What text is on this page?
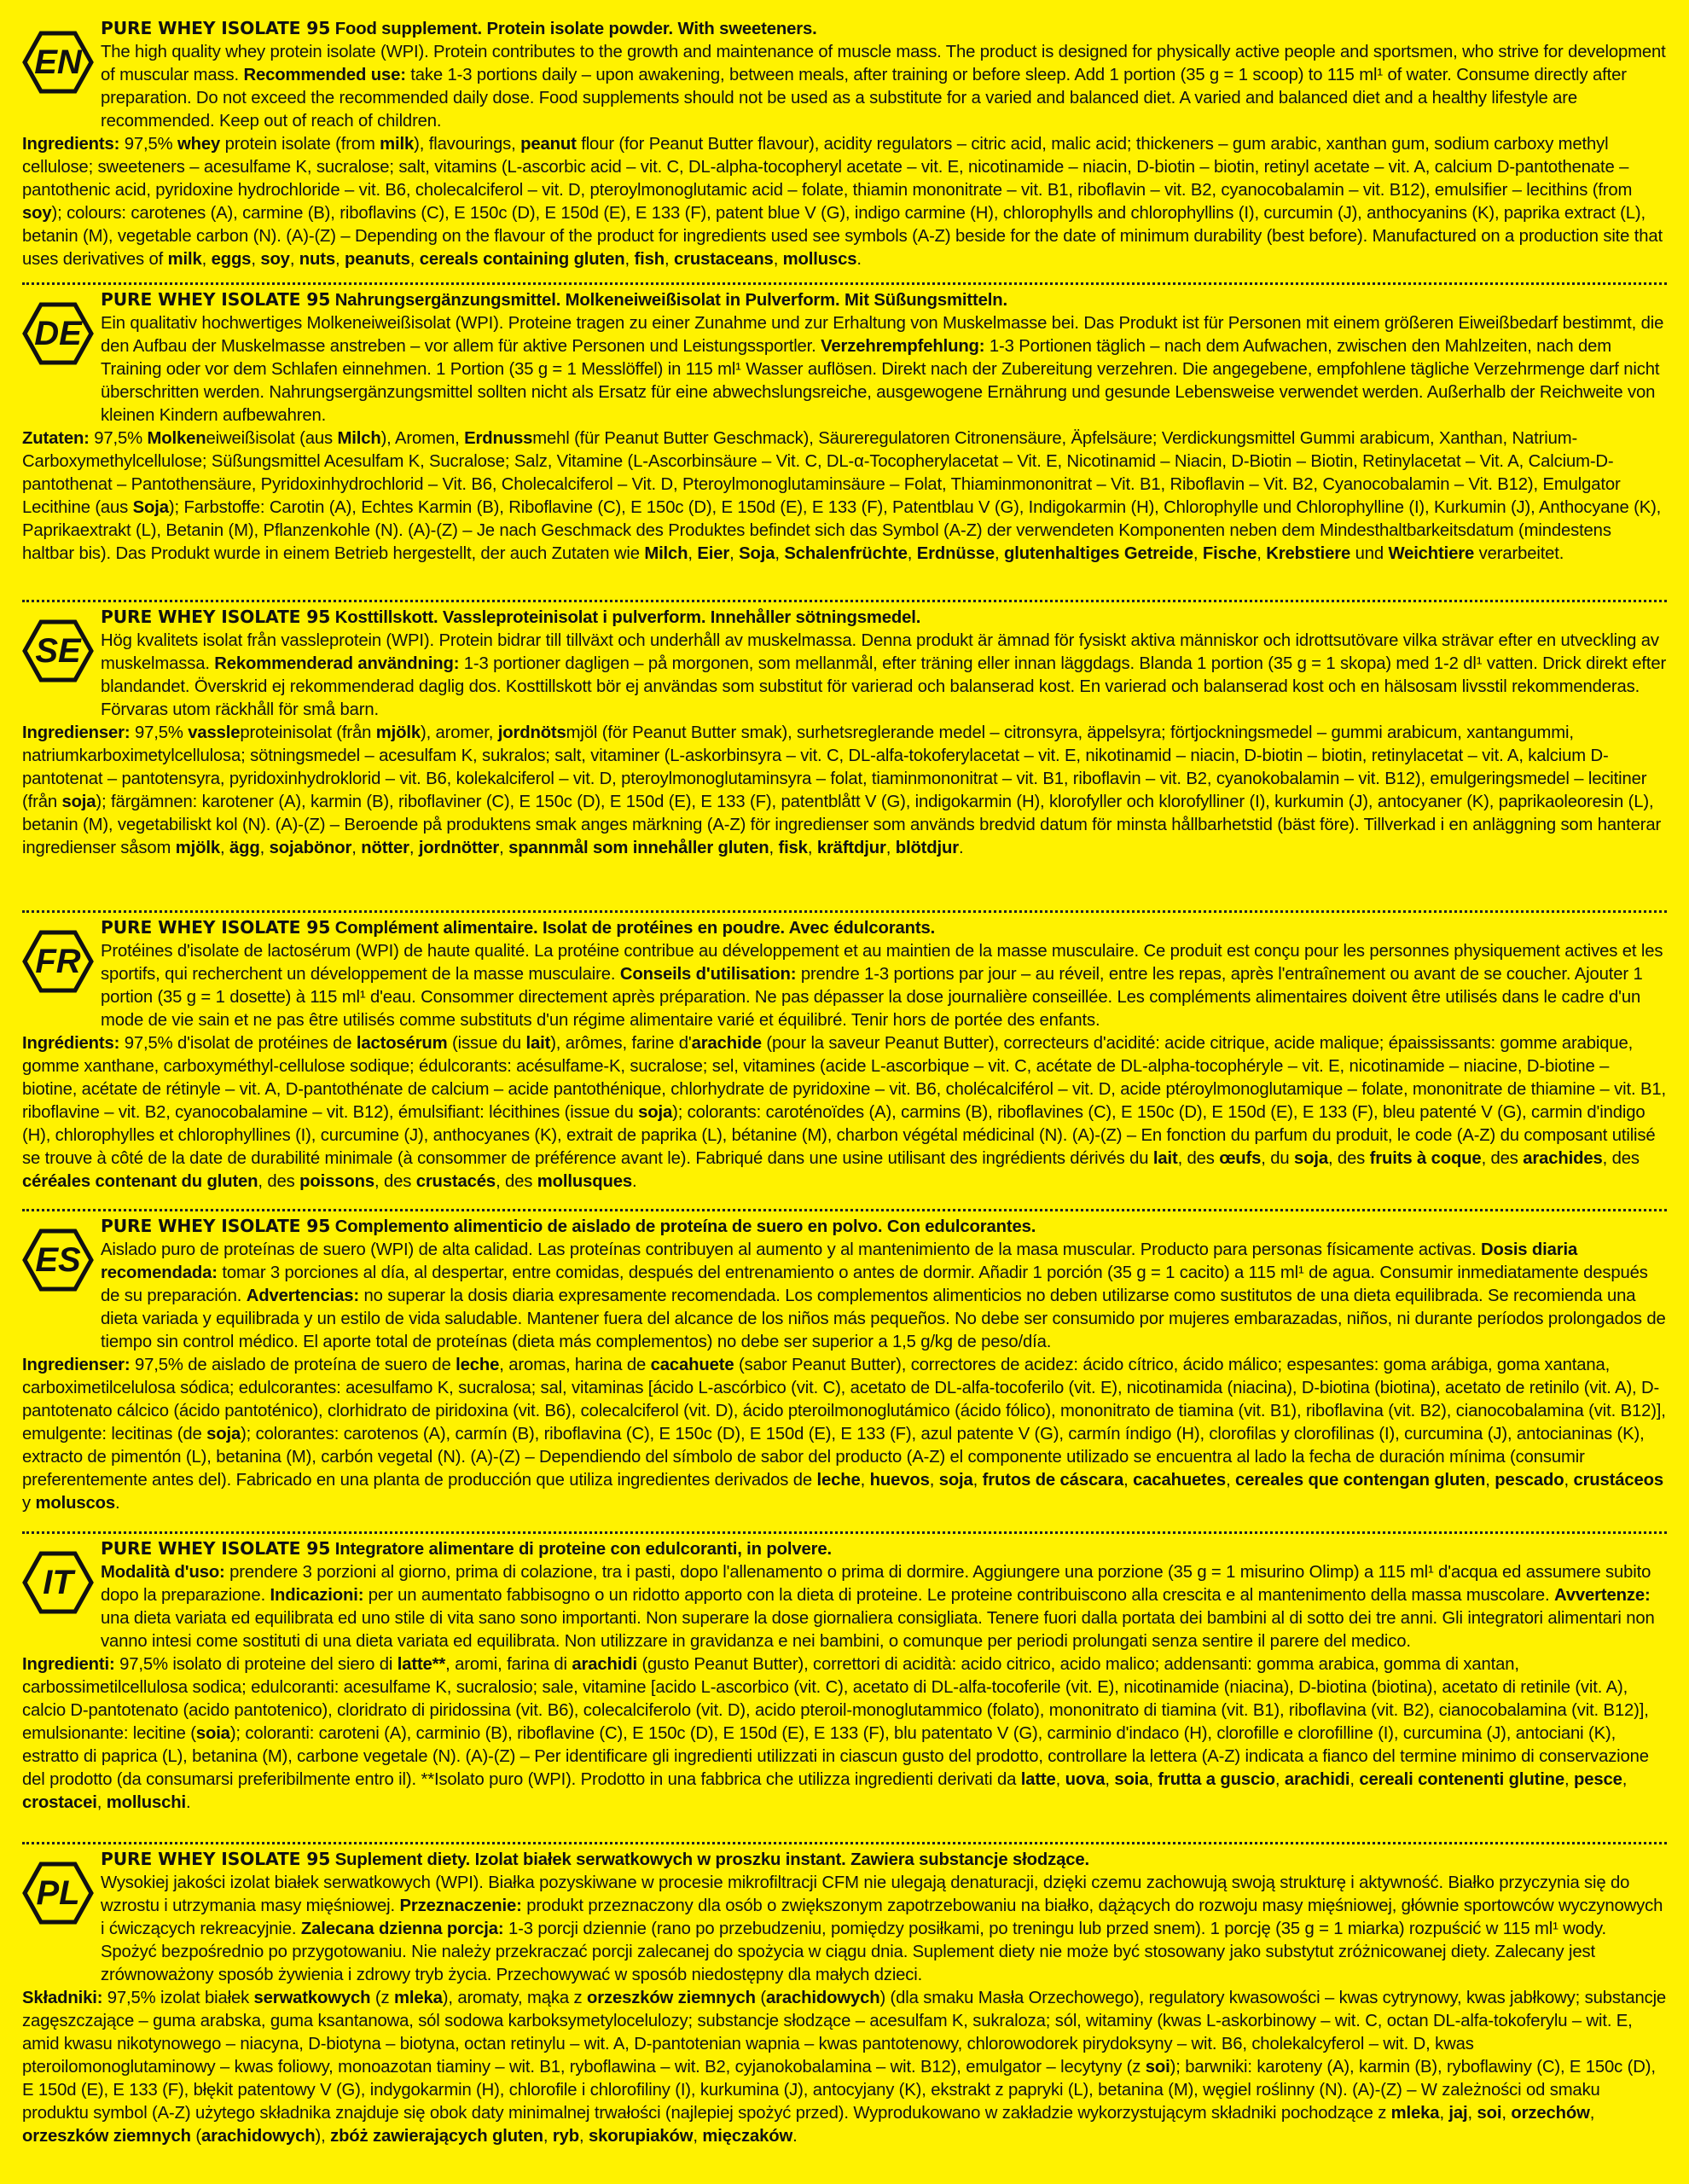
EN

PURE WHEY ISOLATE 95 Food supplement. Protein isolate powder. With sweeteners.

The high quality whey protein isolate (WPI). Protein contributes to the growth and maintenance of muscle mass. The product is designed for physically active people and sportsmen, who strive for development of muscular mass. Recommended use: take 1-3 portions daily – upon awakening, between meals, after training or before sleep. Add 1 portion (35 g = 1 scoop) to 115 ml¹ of water. Consume directly after preparation. Do not exceed the recommended daily dose. Food supplements should not be used as a substitute for a varied and balanced diet. A varied and balanced diet and a healthy lifestyle are recommended. Keep out of reach of children.

Ingredients: 97,5% whey protein isolate (from milk), flavourings, peanut flour (for Peanut Butter flavour), acidity regulators – citric acid, malic acid; thickeners – gum arabic, xanthan gum, sodium carboxy methyl cellulose; sweeteners – acesulfame K, sucralose; salt, vitamins (L-ascorbic acid – vit. C, DL-alpha-tocopheryl acetate – vit. E, nicotinamide – niacin, D-biotin – biotin, retinyl acetate – vit. A, calcium D-pantothenate – pantothenic acid, pyridoxine hydrochloride – vit. B6, cholecalciferol – vit. D, pteroylmonoglutamic acid – folate, thiamin mononitrate – vit. B1, riboflavin – vit. B2, cyanocobalamin – vit. B12), emulsifier – lecithins (from soy); colours: carotenes (A), carmine (B), riboflavins (C), E 150c (D), E 150d (E), E 133 (F), patent blue V (G), indigo carmine (H), chlorophylls and chlorophyllins (I), curcumin (J), anthocyanins (K), paprika extract (L), betanin (M), vegetable carbon (N). (A)-(Z) – Depending on the flavour of the product for ingredients used see symbols (A-Z) beside for the date of minimum durability (best before). Manufactured on a production site that uses derivatives of milk, eggs, soy, nuts, peanuts, cereals containing gluten, fish, crustaceans, molluscs.

DE

PURE WHEY ISOLATE 95 Nahrungsergänzungsmittel. Molkeneiweißisolat in Pulverform. Mit Süßungsmitteln.

Ein qualitativ hochwertiges Molkeneiweißisolat (WPI). Proteine tragen zu einer Zunahme und zur Erhaltung von Muskelmasse bei. Das Produkt ist für Personen mit einem größeren Eiweißbedarf bestimmt, die den Aufbau der Muskelmasse anstreben – vor allem für aktive Personen und Leistungssportler. Verzehrempfehlung: 1-3 Portionen täglich – nach dem Aufwachen, zwischen den Mahlzeiten, nach dem Training oder vor dem Schlafen einnehmen. 1 Portion (35 g = 1 Messlöffel) in 115 ml¹ Wasser auflösen. Direkt nach der Zubereitung verzehren. Die angegebene, empfohlene tägliche Verzehrmenge darf nicht überschritten werden. Nahrungsergänzungsmittel sollten nicht als Ersatz für eine abwechslungsreiche, ausgewogene Ernährung und gesunde Lebensweise verwendet werden. Außerhalb der Reichweite von kleinen Kindern aufbewahren.

Zutaten: 97,5% Molkeneiweißisolat (aus Milch), Aromen, Erdnussmehl (für Peanut Butter Geschmack), Säureregulatoren Citronensäure, Äpfelsäure; Verdickungsmittel Gummi arabicum, Xanthan, Natrium-Carboxymethylcellulose; Süßungsmittel Acesulfam K, Sucralose; Salz, Vitamine (L-Ascorbinsäure – Vit. C, DL-α-Tocopherylacetat – Vit. E, Nicotinamid – Niacin, D-Biotin – Biotin, Retinylacetat – Vit. A, Calcium-D-pantothenat – Pantothensäure, Pyridoxinhydrochlorid – Vit. B6, Cholecalciferol – Vit. D, Pteroylmonoglutaminsäure – Folat, Thiaminmononitrat – Vit. B1, Riboflavin – Vit. B2, Cyanocobalamin – Vit. B12), Emulgator Lecithine (aus Soja); Farbstoffe: Carotin (A), Echtes Karmin (B), Riboflavine (C), E 150c (D), E 150d (E), E 133 (F), Patentblau V (G), Indigokarmin (H), Chlorophylle und Chlorophylline (I), Kurkumin (J), Anthocyane (K), Paprikaextrakt (L), Betanin (M), Pflanzenkohle (N). (A)-(Z) – Je nach Geschmack des Produktes befindet sich das Symbol (A-Z) der verwendeten Komponenten neben dem Mindesthaltbarkeitsdatum (mindestens haltbar bis). Das Produkt wurde in einem Betrieb hergestellt, der auch Zutaten wie Milch, Eier, Soja, Schalenfrüchte, Erdnüsse, glutenhaltiges Getreide, Fische, Krebstiere und Weichtiere verarbeitet.

SE

PURE WHEY ISOLATE 95 Kosttillskott. Vassleproteinisolat i pulverform. Innehåller sötningsmedel.

Hög kvalitets isolat från vassleprotein (WPI). Protein bidrar till tillväxt och underhåll av muskelmassa. Denna produkt är ämnad för fysiskt aktiva människor och idrottsutövare vilka strävar efter en utveckling av muskelmassa. Rekommenderad användning: 1-3 portioner dagligen – på morgonen, som mellanmål, efter träning eller innan läggdags. Blanda 1 portion (35 g = 1 skopa) med 1-2 dl¹ vatten. Drick direkt efter blandandet. Överskrid ej rekommenderad daglig dos. Kosttillskott bör ej användas som substitut för varierad och balanserad kost. En varierad och balanserad kost och en hälsosam livsstil rekommenderas. Förvaras utom räckhåll för små barn.

Ingredienser: 97,5% vassleproteinisolat (från mjölk), aromer, jordnötsmjöl (för Peanut Butter smak), surhetsreglerande medel – citronsyra, äppelsyra; förtjockningsmedel – gummi arabicum, xantangummi, natriumkarboximetylcellulosa; sötningsmedel – acesulfam K, sukralos; salt, vitaminer (L-askorbinsyra – vit. C, DL-alfa-tokoferylacetat – vit. E, nikotinamid – niacin, D-biotin – biotin, retinylacetat – vit. A, kalcium D-pantotenat – pantotensyra, pyridoxinhydroklorid – vit. B6, kolekalciferol – vit. D, pteroylmonoglutaminsyra – folat, tiaminmononitrat – vit. B1, riboflavin – vit. B2, cyanokobalamin – vit. B12), emulgeringsmedel – lecitiner (från soja); färgämnen: karotener (A), karmin (B), riboflaviner (C), E 150c (D), E 150d (E), E 133 (F), patentblått V (G), indigokarmin (H), klorofyller och klorofylliner (I), kurkumin (J), antocyaner (K), paprikaoleoresin (L), betanin (M), vegetabiliskt kol (N). (A)-(Z) – Beroende på produktens smak anges märkning (A-Z) för ingredienser som används bredvid datum för minsta hållbarhetstid (bäst före). Tillverkad i en anläggning som hanterar ingredienser såsom mjölk, ägg, sojabönor, nötter, jordnötter, spannmål som innehåller gluten, fisk, kräftdjur, blötdjur.

FR

PURE WHEY ISOLATE 95 Complément alimentaire. Isolat de protéines en poudre. Avec édulcorants.

Protéines d'isolate de lactosérum (WPI) de haute qualité. La protéine contribue au développement et au maintien de la masse musculaire. Ce produit est conçu pour les personnes physiquement actives et les sportifs, qui recherchent un développement de la masse musculaire. Conseils d'utilisation: prendre 1-3 portions par jour – au réveil, entre les repas, après l'entraînement ou avant de se coucher. Ajouter 1 portion (35 g = 1 dosette) à 115 ml¹ d'eau. Consommer directement après préparation. Ne pas dépasser la dose journalière conseillée. Les compléments alimentaires doivent être utilisés dans le cadre d'un mode de vie sain et ne pas être utilisés comme substituts d'un régime alimentaire varié et équilibré. Tenir hors de portée des enfants.

Ingrédients: 97,5% d'isolat de protéines de lactosérum (issue du lait), arômes, farine d'arachide (pour la saveur Peanut Butter), correcteurs d'acidité: acide citrique, acide malique; épaississants: gomme arabique, gomme xanthane, carboxyméthyl-cellulose sodique; édulcorants: acésulfame-K, sucralose; sel, vitamines (acide L-ascorbique – vit. C, acétate de DL-alpha-tocophéryle – vit. E, nicotinamide – niacine, D-biotine – biotine, acétate de rétinyle – vit. A, D-pantothénate de calcium – acide pantothénique, chlorhydrate de pyridoxine – vit. B6, cholécalciférol – vit. D, acide ptéroylmonoglutamique – folate, mononitrate de thiamine – vit. B1, riboflavine – vit. B2, cyanocobalamine – vit. B12), émulsifiant: lécithines (issue du soja); colorants: caroténoïdes (A), carmins (B), riboflavines (C), E 150c (D), E 150d (E), E 133 (F), bleu patenté V (G), carmin d'indigo (H), chlorophylles et chlorophyllines (I), curcumine (J), anthocyanes (K), extrait de paprika (L), bétanine (M), charbon végétal médicinal (N). (A)-(Z) – En fonction du parfum du produit, le code (A-Z) du composant utilisé se trouve à côté de la date de durabilité minimale (à consommer de préférence avant le). Fabriqué dans une usine utilisant des ingrédients dérivés du lait, des œufs, du soja, des fruits à coque, des arachides, des céréales contenant du gluten, des poissons, des crustacés, des mollusques.

ES

PURE WHEY ISOLATE 95 Complemento alimenticio de aislado de proteína de suero en polvo. Con edulcorantes.

Aislado puro de proteínas de suero (WPI) de alta calidad. Las proteínas contribuyen al aumento y al mantenimiento de la masa muscular. Producto para personas físicamente activas. Dosis diaria recomendada: tomar 3 porciones al día, al despertar, entre comidas, después del entrenamiento o antes de dormir. Añadir 1 porción (35 g = 1 cacito) a 115 ml¹ de agua. Consumir inmediatamente después de su preparación. Advertencias: no superar la dosis diaria expresamente recomendada. Los complementos alimenticios no deben utilizarse como sustitutos de una dieta equilibrada. Se recomienda una dieta variada y equilibrada y un estilo de vida saludable. Mantener fuera del alcance de los niños más pequeños. No debe ser consumido por mujeres embarazadas, niños, ni durante períodos prolongados de tiempo sin control médico. El aporte total de proteínas (dieta más complementos) no debe ser superior a 1,5 g/kg de peso/día.

Ingredienser: 97,5% de aislado de proteína de suero de leche, aromas, harina de cacahuete (sabor Peanut Butter), correctores de acidez: ácido cítrico, ácido málico; espesantes: goma arábiga, goma xantana, carboximetilcelulosa sódica; edulcorantes: acesulfamo K, sucralosa; sal, vitaminas [ácido L-ascórbico (vit. C), acetato de DL-alfa-tocoferilo (vit. E), nicotinamida (niacina), D-biotina (biotina), acetato de retinilo (vit. A), D-pantotenato cálcico (ácido pantoténico), clorhidrato de piridoxina (vit. B6), colecalciferol (vit. D), ácido pteroilmonoglutámico (ácido fólico), mononitrato de tiamina (vit. B1), riboflavina (vit. B2), cianocobalamina (vit. B12)], emulgente: lecitinas (de soja); colorantes: carotenos (A), carmín (B), riboflavina (C), E 150c (D), E 150d (E), E 133 (F), azul patente V (G), carmín índigo (H), clorofilas y clorofilinas (I), curcumina (J), antocianinas (K), extracto de pimentón (L), betanina (M), carbón vegetal (N). (A)-(Z) – Dependiendo del símbolo de sabor del producto (A-Z) el componente utilizado se encuentra al lado la fecha de duración mínima (consumir preferentemente antes del). Fabricado en una planta de producción que utiliza ingredientes derivados de leche, huevos, soja, frutos de cáscara, cacahuetes, cereales que contengan gluten, pescado, crustáceos y moluscos.

IT

PURE WHEY ISOLATE 95 Integratore alimentare di proteine con edulcoranti, in polvere.

Modalità d'uso: prendere 3 porzioni al giorno, prima di colazione, tra i pasti, dopo l'allenamento o prima di dormire. Aggiungere una porzione (35 g = 1 misurino Olimp) a 115 ml¹ d'acqua ed assumere subito dopo la preparazione. Indicazioni: per un aumentato fabbisogno o un ridotto apporto con la dieta di proteine. Le proteine contribuiscono alla crescita e al mantenimento della massa muscolare. Avvertenze: una dieta variata ed equilibrata ed uno stile di vita sano sono importanti. Non superare la dose giornaliera consigliata. Tenere fuori dalla portata dei bambini al di sotto dei tre anni. Gli integratori alimentari non vanno intesi come sostituti di una dieta variata ed equilibrata. Non utilizzare in gravidanza e nei bambini, o comunque per periodi prolungati senza sentire il parere del medico.

Ingredienti: 97,5% isolato di proteine del siero di latte**, aromi, farina di arachidi (gusto Peanut Butter), correttori di acidità: acido citrico, acido malico; addensanti: gomma arabica, gomma di xantan, carbossimetilcellulosa sodica; edulcoranti: acesulfame K, sucralosio; sale, vitamine [acido L-ascorbico (vit. C), acetato di DL-alfa-tocoferile (vit. E), nicotinamide (niacina), D-biotina (biotina), acetato di retinile (vit. A), calcio D-pantotenato (acido pantotenico), cloridrato di piridossina (vit. B6), colecalciferolo (vit. D), acido pteroil-monoglutammico (folato), mononitrato di tiamina (vit. B1), riboflavina (vit. B2), cianocobalamina (vit. B12)], emulsionante: lecitine (soia); coloranti: caroteni (A), carminio (B), riboflavine (C), E 150c (D), E 150d (E), E 133 (F), blu patentato V (G), carminio d'indaco (H), clorofille e clorofilline (I), curcumina (J), antociani (K), estratto di paprica (L), betanina (M), carbone vegetale (N). (A)-(Z) – Per identificare gli ingredienti utilizzati in ciascun gusto del prodotto, controllare la lettera (A-Z) indicata a fianco del termine minimo di conservazione del prodotto (da consumarsi preferibilmente entro il). **Isolato puro (WPI). Prodotto in una fabbrica che utilizza ingredienti derivati da latte, uova, soia, frutta a guscio, arachidi, cereali contenenti glutine, pesce, crostacei, molluschi.

PL

PURE WHEY ISOLATE 95 Suplement diety. Izolat białek serwatkowych w proszku instant. Zawiera substancje słodzące.

Wysokiej jakości izolat białek serwatkowych (WPI). Białka pozyskiwane w procesie mikrofiltracji CFM nie ulegają denaturacji, dzięki czemu zachowują swoją strukturę i aktywność. Białko przyczynia się do wzrostu i utrzymania masy mięśniowej. Przeznaczenie: produkt przeznaczony dla osób o zwiększonym zapotrzebowaniu na białko, dążących do rozwoju masy mięśniowej, głównie sportowców wyczynowych i ćwiczących rekreacyjnie. Zalecana dzienna porcja: 1-3 porcji dziennie (rano po przebudzeniu, pomiędzy posiłkami, po treningu lub przed snem). 1 porcję (35 g = 1 miarka) rozpuścić w 115 ml¹ wody. Spożyć bezpośrednio po przygotowaniu. Nie należy przekraczać porcji zalecanej do spożycia w ciągu dnia. Suplement diety nie może być stosowany jako substytut zróżnicowanej diety. Zalecany jest zrównoważony sposób żywienia i zdrowy tryb życia. Przechowywać w sposób niedostępny dla małych dzieci.

Składniki: 97,5% izolat białek serwatkowych (z mleka), aromaty, mąka z orzeszków ziemnych (arachidowych) (dla smaku Masła Orzechowego), regulatory kwasowości – kwas cytrynowy, kwas jabłkowy; substancje zagęszczające – guma arabska, guma ksantanowa, sól sodowa karboksymetylocelulozy; substancje słodzące – acesulfam K, sukraloza; sól, witaminy (kwas L-askorbinowy – wit. C, octan DL-alfa-tokoferylu – wit. E, amid kwasu nikotynowego – niacyna, D-biotyna – biotyna, octan retinylu – wit. A, D-pantotenian wapnia – kwas pantotenowy, chlorowodorek pirydoksyny – wit. B6, cholekalcyferol – wit. D, kwas pteroilomonoglutaminowy – kwas foliowy, monoazotan tiaminy – wit. B1, ryboflawina – wit. B2, cyjanokobalamina – wit. B12), emulgator – lecytyny (z soi); barwniki: karoteny (A), karmin (B), ryboflawiny (C), E 150c (D), E 150d (E), E 133 (F), błękit patentowy V (G), indygokarmin (H), chlorofile i chlorofiliny (I), kurkumina (J), antocyjany (K), ekstrakt z papryki (L), betanina (M), węgiel roślinny (N). (A)-(Z) – W zależności od smaku produktu symbol (A-Z) użytego składnika znajduje się obok daty minimalnej trwałości (najlepiej spożyć przed). Wyprodukowano w zakładzie wykorzystującym składniki pochodzące z mleka, jaj, soi, orzechów, orzeszków ziemnych (arachidowych), zbóż zawierających gluten, ryb, skorupiaków, mięczaków.
